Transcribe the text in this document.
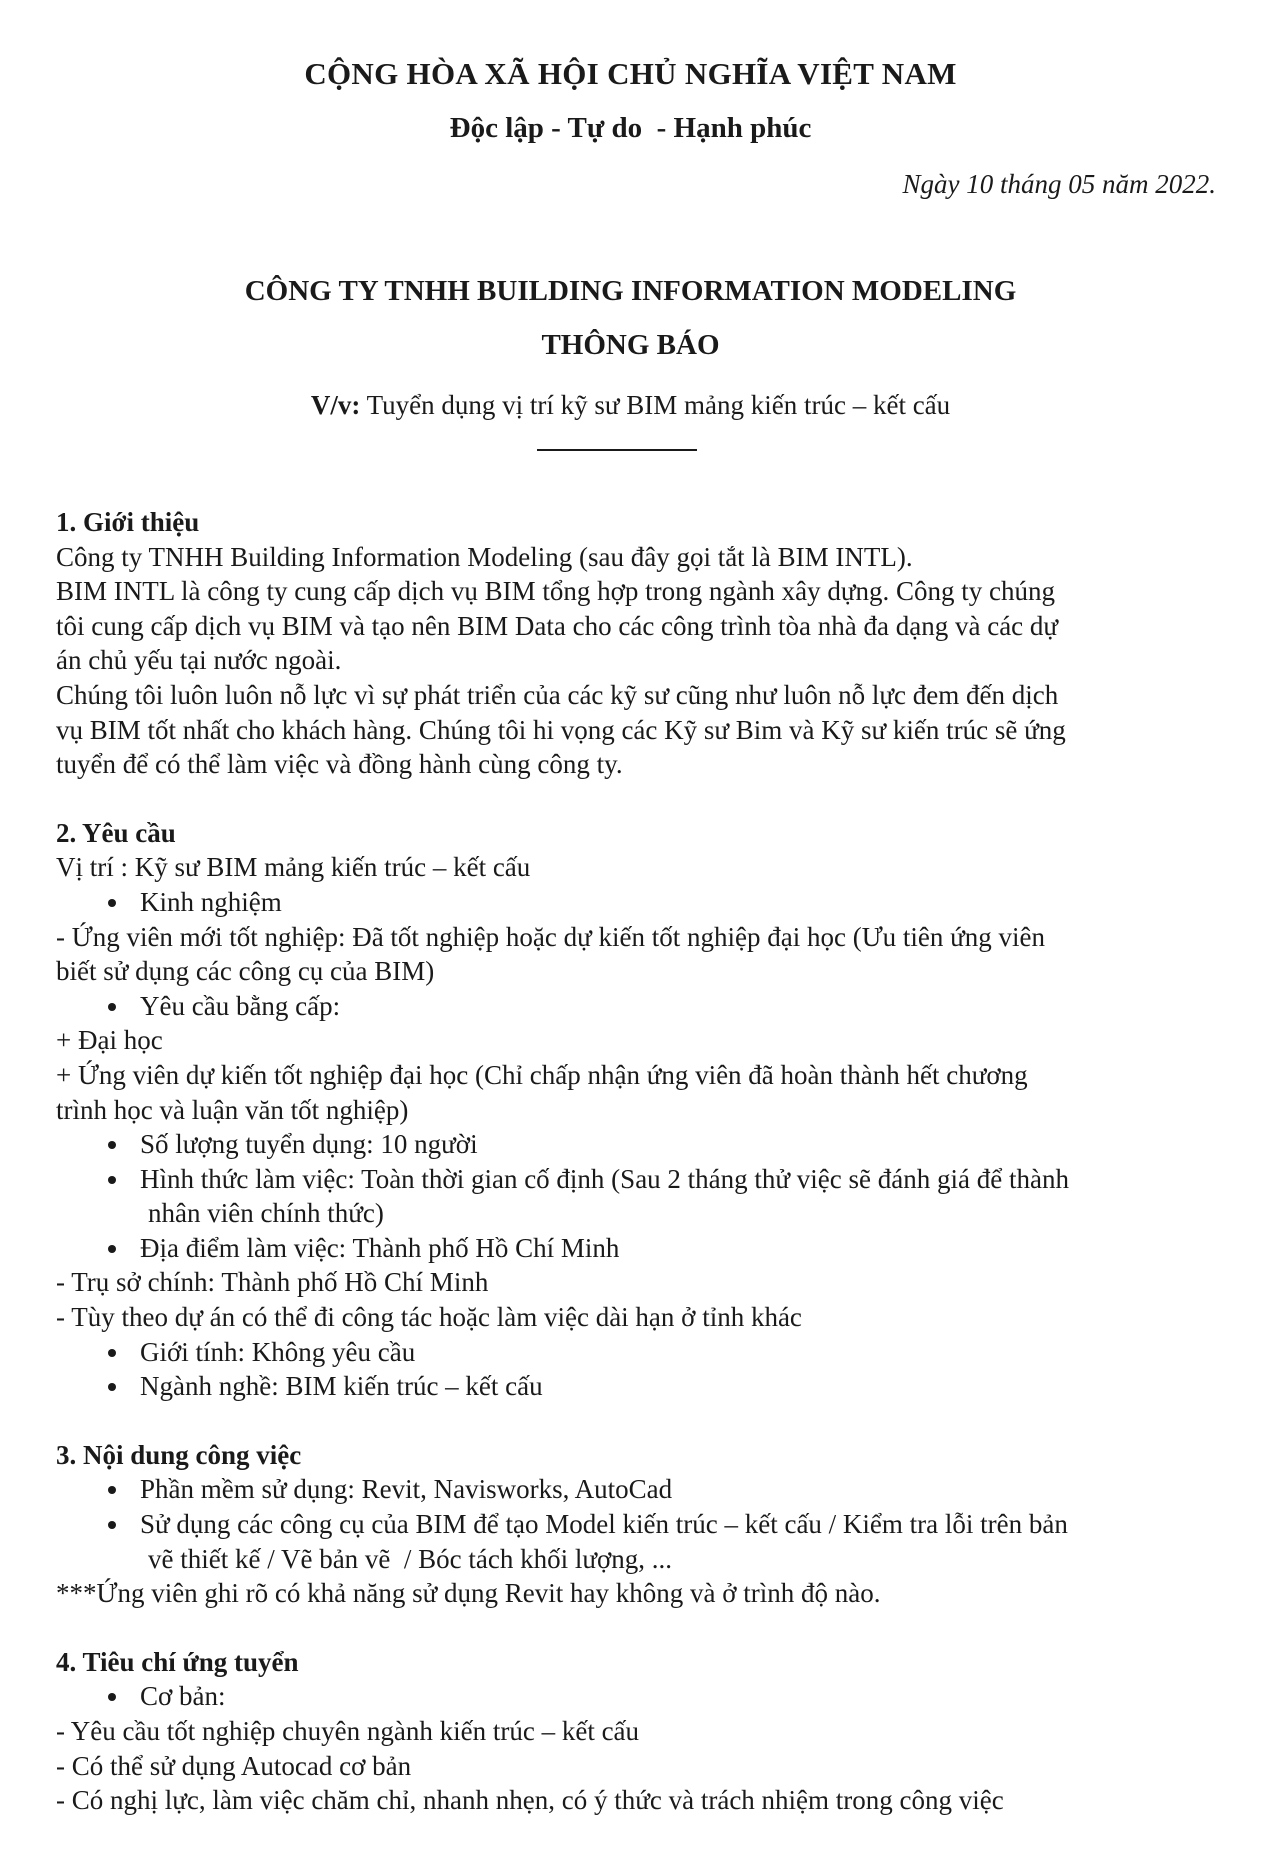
CỘNG HÒA XÃ HỘI CHỦ NGHĨA VIỆT NAM
Độc lập - Tự do  - Hạnh phúc
Ngày 10 tháng 05 năm 2022.
CÔNG TY TNHH BUILDING INFORMATION MODELING
THÔNG BÁO
V/v: Tuyển dụng vị trí kỹ sư BIM mảng kiến trúc – kết cấu
1. Giới thiệu
Công ty TNHH Building Information Modeling (sau đây gọi tắt là BIM INTL).
BIM INTL là công ty cung cấp dịch vụ BIM tổng hợp trong ngành xây dựng. Công ty chúng
tôi cung cấp dịch vụ BIM và tạo nên BIM Data cho các công trình tòa nhà đa dạng và các dự
án chủ yếu tại nước ngoài.
Chúng tôi luôn luôn nỗ lực vì sự phát triển của các kỹ sư cũng như luôn nỗ lực đem đến dịch
vụ BIM tốt nhất cho khách hàng. Chúng tôi hi vọng các Kỹ sư Bim và Kỹ sư kiến trúc sẽ ứng
tuyển để có thể làm việc và đồng hành cùng công ty.
2. Yêu cầu
Vị trí : Kỹ sư BIM mảng kiến trúc – kết cấu
Kinh nghiệm
- Ứng viên mới tốt nghiệp: Đã tốt nghiệp hoặc dự kiến tốt nghiệp đại học (Ưu tiên ứng viên
biết sử dụng các công cụ của BIM)
Yêu cầu bằng cấp:
+ Đại học
+ Ứng viên dự kiến tốt nghiệp đại học (Chỉ chấp nhận ứng viên đã hoàn thành hết chương
trình học và luận văn tốt nghiệp)
Số lượng tuyển dụng: 10 người
Hình thức làm việc: Toàn thời gian cố định (Sau 2 tháng thử việc sẽ đánh giá để thành
nhân viên chính thức)
Địa điểm làm việc: Thành phố Hồ Chí Minh
- Trụ sở chính: Thành phố Hồ Chí Minh
- Tùy theo dự án có thể đi công tác hoặc làm việc dài hạn ở tỉnh khác
Giới tính: Không yêu cầu
Ngành nghề: BIM kiến trúc – kết cấu
3. Nội dung công việc
Phần mềm sử dụng: Revit, Navisworks, AutoCad
Sử dụng các công cụ của BIM để tạo Model kiến trúc – kết cấu / Kiểm tra lỗi trên bản
vẽ thiết kế / Vẽ bản vẽ  / Bóc tách khối lượng, ...
***Ứng viên ghi rõ có khả năng sử dụng Revit hay không và ở trình độ nào.
4. Tiêu chí ứng tuyển
Cơ bản:
- Yêu cầu tốt nghiệp chuyên ngành kiến trúc – kết cấu
- Có thể sử dụng Autocad cơ bản
- Có nghị lực, làm việc chăm chỉ, nhanh nhẹn, có ý thức và trách nhiệm trong công việc
